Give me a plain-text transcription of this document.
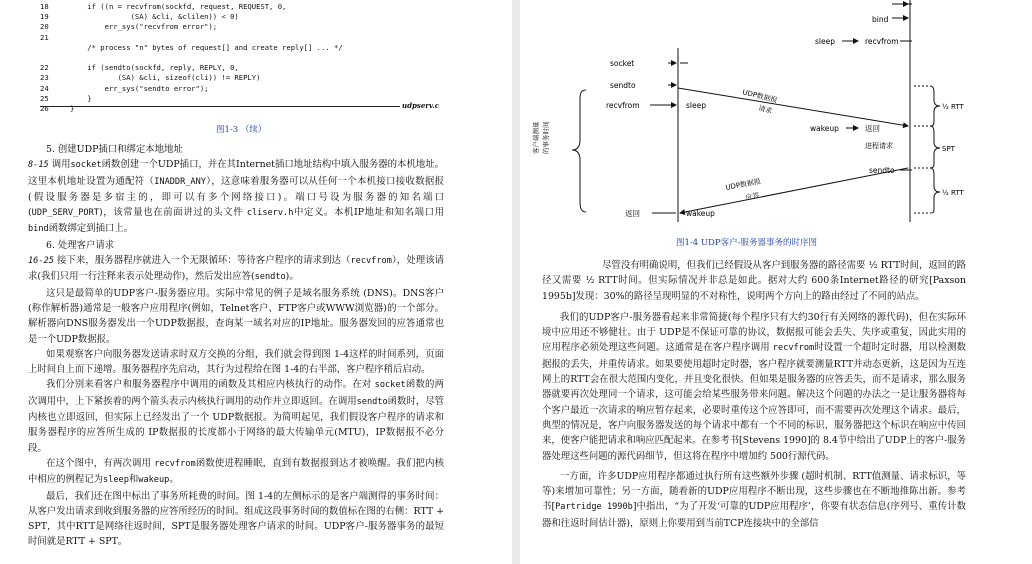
18	if ((n = recvfrom(sockfd, request, REQUEST, 0,
19	(SA) &cli, &clilen)) < 0)
20	err_sys("recvfrom error");
21
/* process "n" bytes of request[] and create reply[] ... */
22	if (sendto(sockfd, reply, REPLY, 0,
23	(SA) &cli, sizeof(cli)) != REPLY)
24	err_sys("sendto error");
25	}
26	}	udpserv.c
图1-3 （续）

5. 创建UDP插口和绑定本地地址

8-15 调用socket函数创建一个UDP插口，并在其Internet插口地址结构中填入服务器的本机地址。这里本机地址设置为通配符（INADDR_ANY），这意味着服务器可以从任何一个本机接口接收数据报(假设服务器是多宿主的，即可以有多个网络接口)。端口号设为服务器的知名端口(UDP_SERV_PORT)，该常量也在前面讲过的头文件 cliserv.h中定义。本机IP地址和知名端口用bind函数绑定到插口上。

6. 处理客户请求

16-25 接下来，服务器程序就进入一个无限循环：等待客户程序的请求到达（recvfrom），处理该请求(我们只用一行注释来表示处理动作)，然后发出应答(sendto)。

这只是最简单的UDP客户-服务器应用。实际中常见的例子是域名服务系统 (DNS)。DNS客户(称作解析器)通常是一般客户应用程序(例如，Telnet客户、FTP客户或WWW浏览器)的一个部分。解析器向DNS服务器发出一个UDP数据报，查询某一域名对应的IP地址。服务器发回的应答通常也是一个UDP数据报。

如果观察客户向服务器发送请求时双方交换的分组，我们就会得到图 1-4这样的时间系列，页面上时间自上而下递增。服务器程序先启动，其行为过程给在图 1-4的右半部，客户程序稍后启动。

我们分别来看客户和服务器程序中调用的函数及其相应内核执行的动作。在对 socket函数的两次调用中，上下紧挨着的两个箭头表示内核执行调用的动作并立即返回。在调用sendto函数时，尽管内核也立即返回，但实际上已经发出了一个 UDP数据报。为简明起见，我们假设客户程序的请求和服务器程序的应答所生成的 IP数据报的长度都小于网络的最大传输单元(MTU)，IP数据报不必分段。

在这个图中，有两次调用 recvfrom函数使进程睡眠，直到有数据报到达才被唤醒。我们把内核中相应的例程记为sleep和wakeup。

最后，我们还在图中标出了事务所耗费的时间。图 1-4的左侧标示的是客户端测得的事务时间：从客户发出请求到收到服务器的应答所经历的时间。组成这段事务时间的数值标在图的右侧：RTT + SPT，其中RTT是网络往返时间，SPT是服务器处理客户请求的时间。UDP客户-服务器事务的最短时间就是RTT + SPT。

bind
sleep	recvfrom
socket
sendto
recvfrom	sleep
UDP数据报
请求
wakeup	返回
进程请求
sendto
UDP数据报
应答
返回	wakeup
客户端测量 的事务时间
½ RTT
SPT
½ RTT
图1-4 UDP客户-服务器事务的时序图

尽管没有明确说明，但我们已经假设从客户到服务器的路径需要 ½ RTT时间，返回的路径又需要 ½ RTT时间。但实际情况并非总是如此。据对大约 600条Internet路径的研究[Paxson 1995b]发现：30%的路径呈现明显的不对称性，说明两个方向上的路由经过了不同的站点。

我们的UDP客户-服务器看起来非常简捷(每个程序只有大约30行有关网络的源代码)，但在实际环境中应用还不够健壮。由于 UDP是不保证可靠的协议，数据报可能会丢失、失序或重复，因此实用的应用程序必须处理这些问题。这通常是在客户程序调用 recvfrom时设置一个超时定时器，用以检测数据报的丢失，并重传请求。如果要使用超时定时器，客户程序就要测量RTT并动态更新，这是因为互连网上的RTT会在很大范围内变化，并且变化很快。但如果是服务器的应答丢失，而不是请求，那么服务器就要再次处理同一个请求，这可能会给某些服务带来问题。解决这个问题的办法之一是让服务器将每个客户最近一次请求的响应暂存起来，必要时重传这个应答即可，而不需要再次处理这个请求。最后，典型的情况是，客户向服务器发送的每个请求中都有一个不同的标识，服务器把这个标识在响应中传回来，使客户能把请求和响应匹配起来。在参考书[Stevens 1990]的 8.4节中给出了UDP上的客户-服务器处理这些问题的源代码细节，但这将在程序中增加约 500行源代码。

一方面，许多UDP应用程序都通过执行所有这些额外步骤 (超时机制、RTT值测量、请求标识，等等)来增加可靠性；另一方面，随着新的UDP应用程序不断出现，这些步骤也在不断地推陈出新。参考书[Partridge 1990b]中指出，“为了开发‘可靠的UDP应用程序’，你要有状态信息(序列号、重传计数器和往返时间估计器)，原则上你要用到当前TCP连接块中的全部信
